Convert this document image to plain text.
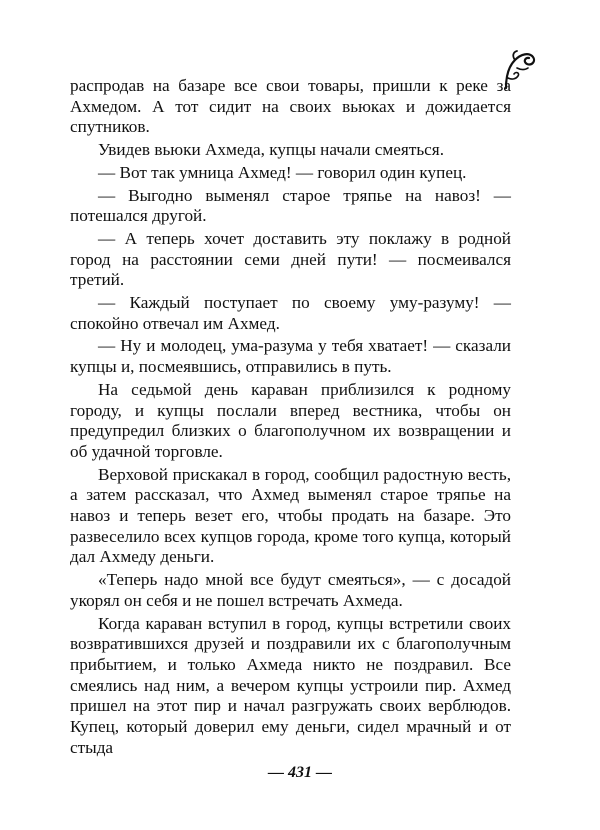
распродав на базаре все свои товары, пришли к реке за Ахмедом. А тот сидит на своих вьюках и дожидается спутников.

Увидев вьюки Ахмеда, купцы начали смеяться.

— Вот так умница Ахмед! — говорил один купец.

— Выгодно выменял старое тряпье на навоз! — потешался другой.

— А теперь хочет доставить эту поклажу в родной город на расстоянии семи дней пути! — посмеивался третий.

— Каждый поступает по своему уму-разуму! — спокойно отвечал им Ахмед.

— Ну и молодец, ума-разума у тебя хватает! — сказали купцы и, посмеявшись, отправились в путь.

На седьмой день караван приблизился к родному городу, и купцы послали вперед вестника, чтобы он предупредил близких о благополучном их возвращении и об удачной торговле.

Верховой прискакал в город, сообщил радостную весть, а затем рассказал, что Ахмед выменял старое тряпье на навоз и теперь везет его, чтобы продать на базаре. Это развеселило всех купцов города, кроме того купца, который дал Ахмеду деньги.

«Теперь надо мной все будут смеяться», — с досадой укорял он себя и не пошел встречать Ахмеда.

Когда караван вступил в город, купцы встретили своих возвратившихся друзей и поздравили их с благополучным прибытием, и только Ахмеда никто не поздравил. Все смеялись над ним, а вечером купцы устроили пир. Ахмед пришел на этот пир и начал разгружать своих верблюдов. Купец, который доверил ему деньги, сидел мрачный и от стыда

— 431 —
